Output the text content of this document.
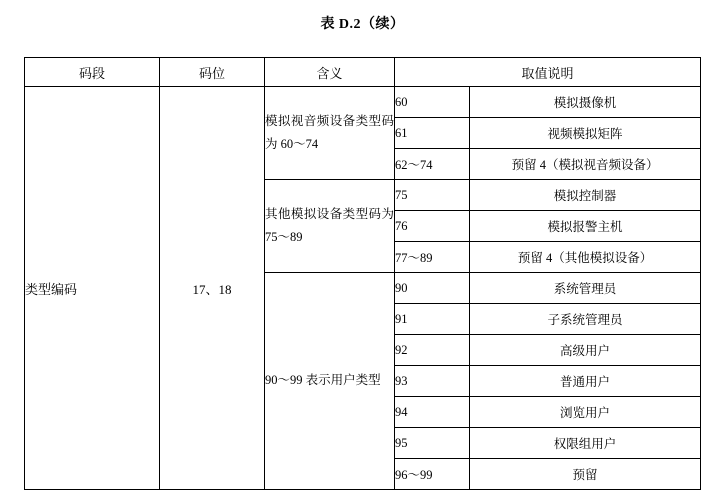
表 D.2（续）
码段	码位	含义	取值说明	
类型编码	17、18	模拟视音频设备类型码为 60～74	60	模拟摄像机
			61	视频模拟矩阵
			62～74	预留 4（模拟视音频设备）
		其他模拟设备类型码为 75～89	75	模拟控制器
			76	模拟报警主机
			77～89	预留 4（其他模拟设备）
		90～99 表示用户类型	90	系统管理员
			91	子系统管理员
			92	高级用户
			93	普通用户
			94	浏览用户
			95	权限组用户
			96～99	预留
